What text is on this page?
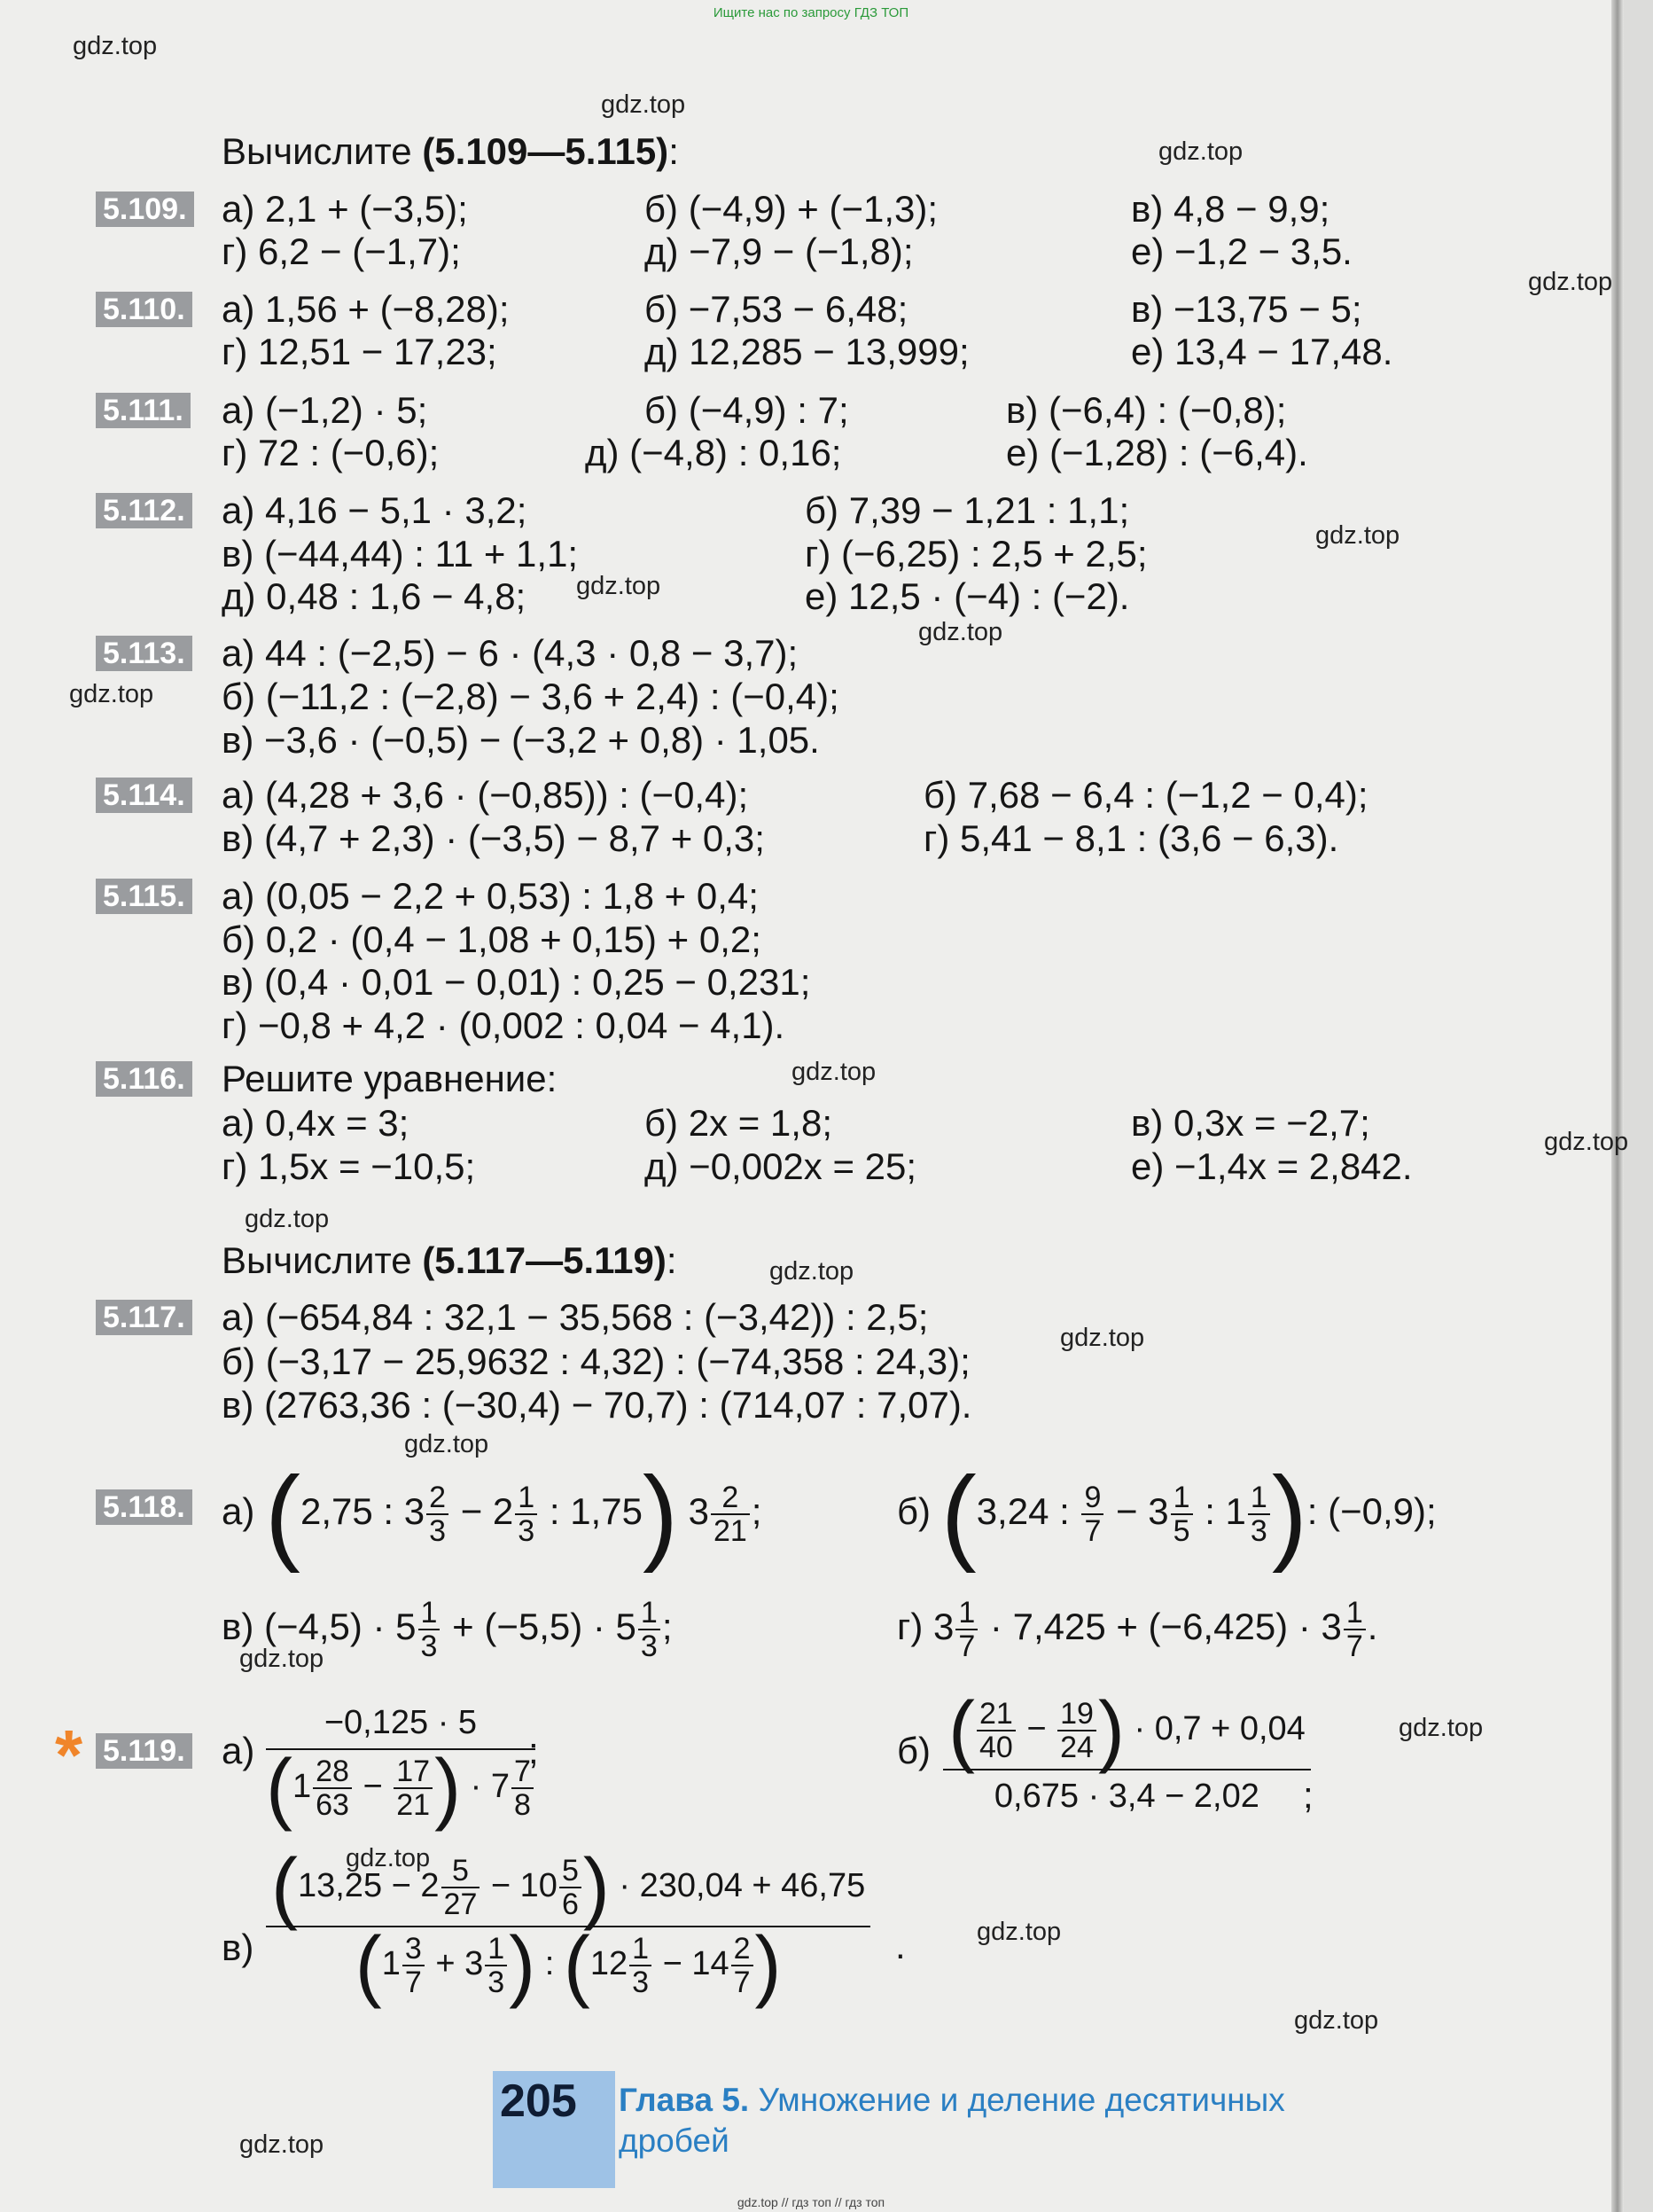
Ищите нас по запросу ГДЗ ТОП
gdz.top
gdz.top
gdz.top
gdz.top
gdz.top
gdz.top
gdz.top
gdz.top
gdz.top
gdz.top
gdz.top
gdz.top
gdz.top
gdz.top
gdz.top
gdz.top
gdz.top
gdz.top
gdz.top
gdz.top
Вычислите (5.109—5.115):
5.109. а) 2,1 + (−3,5);	б) (−4,9) + (−1,3);	в) 4,8 − 9,9;
г) 6,2 − (−1,7);	д) −7,9 − (−1,8);	е) −1,2 − 3,5.
5.110. а) 1,56 + (−8,28);	б) −7,53 − 6,48;	в) −13,75 − 5;
г) 12,51 − 17,23;	д) 12,285 − 13,999;	е) 13,4 − 17,48.
5.111. а) (−1,2) · 5;	б) (−4,9) : 7;	в) (−6,4) : (−0,8);
г) 72 : (−0,6);	д) (−4,8) : 0,16;	е) (−1,28) : (−6,4).
5.112. а) 4,16 − 5,1 · 3,2;	б) 7,39 − 1,21 : 1,1;
в) (−44,44) : 11 + 1,1;	г) (−6,25) : 2,5 + 2,5;
д) 0,48 : 1,6 − 4,8;	е) 12,5 · (−4) : (−2).
5.113. а) 44 : (−2,5) − 6 · (4,3 · 0,8 − 3,7);
б) (−11,2 : (−2,8) − 3,6 + 2,4) : (−0,4);
в) −3,6 · (−0,5) − (−3,2 + 0,8) · 1,05.
5.114. а) (4,28 + 3,6 · (−0,85)) : (−0,4);	б) 7,68 − 6,4 : (−1,2 − 0,4);
в) (4,7 + 2,3) · (−3,5) − 8,7 + 0,3;	г) 5,41 − 8,1 : (3,6 − 6,3).
5.115. а) (0,05 − 2,2 + 0,53) : 1,8 + 0,4;
б) 0,2 · (0,4 − 1,08 + 0,15) + 0,2;
в) (0,4 · 0,01 − 0,01) : 0,25 − 0,231;
г) −0,8 + 4,2 · (0,002 : 0,04 − 4,1).
5.116. Решите уравнение:
а) 0,4x = 3;	б) 2x = 1,8;	в) 0,3x = −2,7;
г) 1,5x = −10,5;	д) −0,002x = 25;	е) −1,4x = 2,842.
Вычислите (5.117—5.119):
5.117. а) (−654,84 : 32,1 − 35,568 : (−3,42)) : 2,5;
б) (−3,17 − 25,9632 : 4,32) : (−74,358 : 24,3);
в) (2763,36 : (−30,4) − 70,7) : (714,07 : 7,07).
5.118. а) (2,75 : $3 \frac{2}{3} - 2 \frac{1}{3}$ : 1,75) $3 \frac{2}{21}$ ;	б) (3,24 : $\frac{9}{7} - 3 \frac{1}{5}$ : $1 \frac{1}{3}$ ): (−0,9);
в) $(-4,5) \cdot 5 \frac{1}{3} + (-5,5) \cdot 5 \frac{1}{3}$ ;	г) $3 \frac{1}{7} \cdot 7,425 + (-6,425) \cdot 3 \frac{1}{7}$ .
* 5.119. а)
−0,125 · 5
($1 \frac{28}{63} - \frac{17}{21}$ ) · $7 \frac{7}{8}$
;	б) ( $\frac{21}{40} - \frac{19}{24}$ ) · 0,7 + 0,04
0,675 · 3,4 − 2,02	;
в)
($13,25 - 2 \frac{5}{27} - 10 \frac{5}{6}$ ) · 230,04 + 46,75
($1 \frac{3}{7} + 3 \frac{1}{3}$ ) : ($12 \frac{1}{3} - 14 \frac{2}{7}$ )	.
205 Глава 5. Умножение и деление десятичных
дробей
gdz.top // гдз топ // гдз топ
